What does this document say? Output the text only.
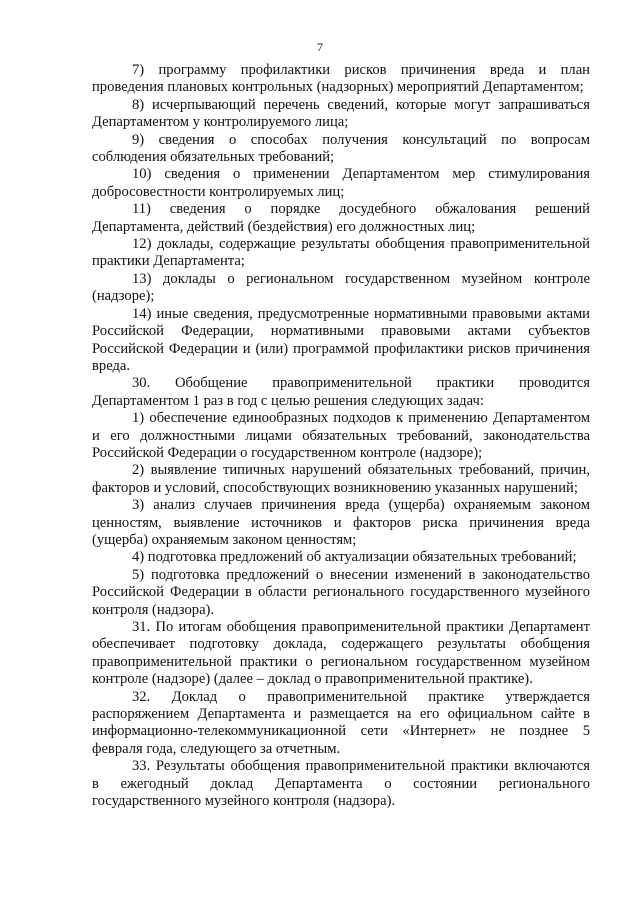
7

7) программу профилактики рисков причинения вреда и план проведения плановых контрольных (надзорных) мероприятий Департаментом;

8) исчерпывающий перечень сведений, которые могут запрашиваться Департаментом у контролируемого лица;

9) сведения о способах получения консультаций по вопросам соблюдения обязательных требований;

10) сведения о применении Департаментом мер стимулирования добросовестности контролируемых лиц;

11) сведения о порядке досудебного обжалования решений Департамента, действий (бездействия) его должностных лиц;

12) доклады, содержащие результаты обобщения правоприменительной практики Департамента;

13) доклады о региональном государственном музейном контроле (надзоре);

14) иные сведения, предусмотренные нормативными правовыми актами Российской Федерации, нормативными правовыми актами субъектов Российской Федерации и (или) программой профилактики рисков причинения вреда.

30. Обобщение правоприменительной практики проводится Департаментом 1 раз в год с целью решения следующих задач:

1) обеспечение единообразных подходов к применению Департаментом и его должностными лицами обязательных требований, законодательства Российской Федерации о государственном контроле (надзоре);

2) выявление типичных нарушений обязательных требований, причин, факторов и условий, способствующих возникновению указанных нарушений;

3) анализ случаев причинения вреда (ущерба) охраняемым законом ценностям, выявление источников и факторов риска причинения вреда (ущерба) охраняемым законом ценностям;

4) подготовка предложений об актуализации обязательных требований;

5) подготовка предложений о внесении изменений в законодательство Российской Федерации в области регионального государственного музейного контроля (надзора).

31. По итогам обобщения правоприменительной практики Департамент обеспечивает подготовку доклада, содержащего результаты обобщения правоприменительной практики о региональном государственном музейном контроле (надзоре) (далее – доклад о правоприменительной практике).

32. Доклад о правоприменительной практике утверждается распоряжением Департамента и размещается на его официальном сайте в информационно-телекоммуникационной сети «Интернет» не позднее 5 февраля года, следующего за отчетным.

33. Результаты обобщения правоприменительной практики включаются в ежегодный доклад Департамента о состоянии регионального государственного музейного контроля (надзора).
